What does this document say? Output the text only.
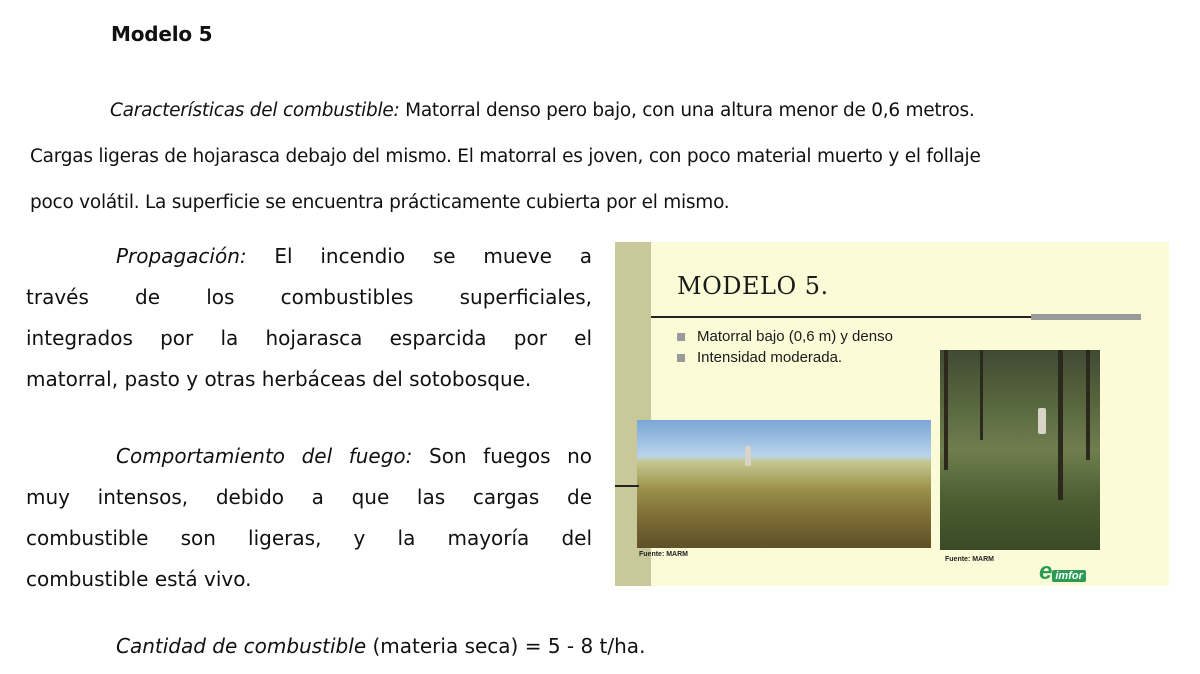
Modelo 5
Características del combustible: Matorral denso pero bajo, con una altura menor de 0,6 metros.
Cargas ligeras de hojarasca debajo del mismo. El matorral es joven, con poco material muerto y el follaje
poco volátil. La superficie se encuentra prácticamente cubierta por el mismo.

Propagación: El incendio se mueve a
través de los combustibles superficiales,
integrados por la hojarasca esparcida por el
matorral, pasto y otras herbáceas del sotobosque.

Comportamiento del fuego: Son fuegos no
muy intensos, debido a que las cargas de
combustible son ligeras, y la mayoría del
combustible está vivo.

Cantidad de combustible (materia seca) = 5 - 8 t/ha.
MODELO 5.
Matorral bajo (0,6 m) y denso
Intensidad moderada.
Fuente: MARM
Fuente: MARM eimfor
